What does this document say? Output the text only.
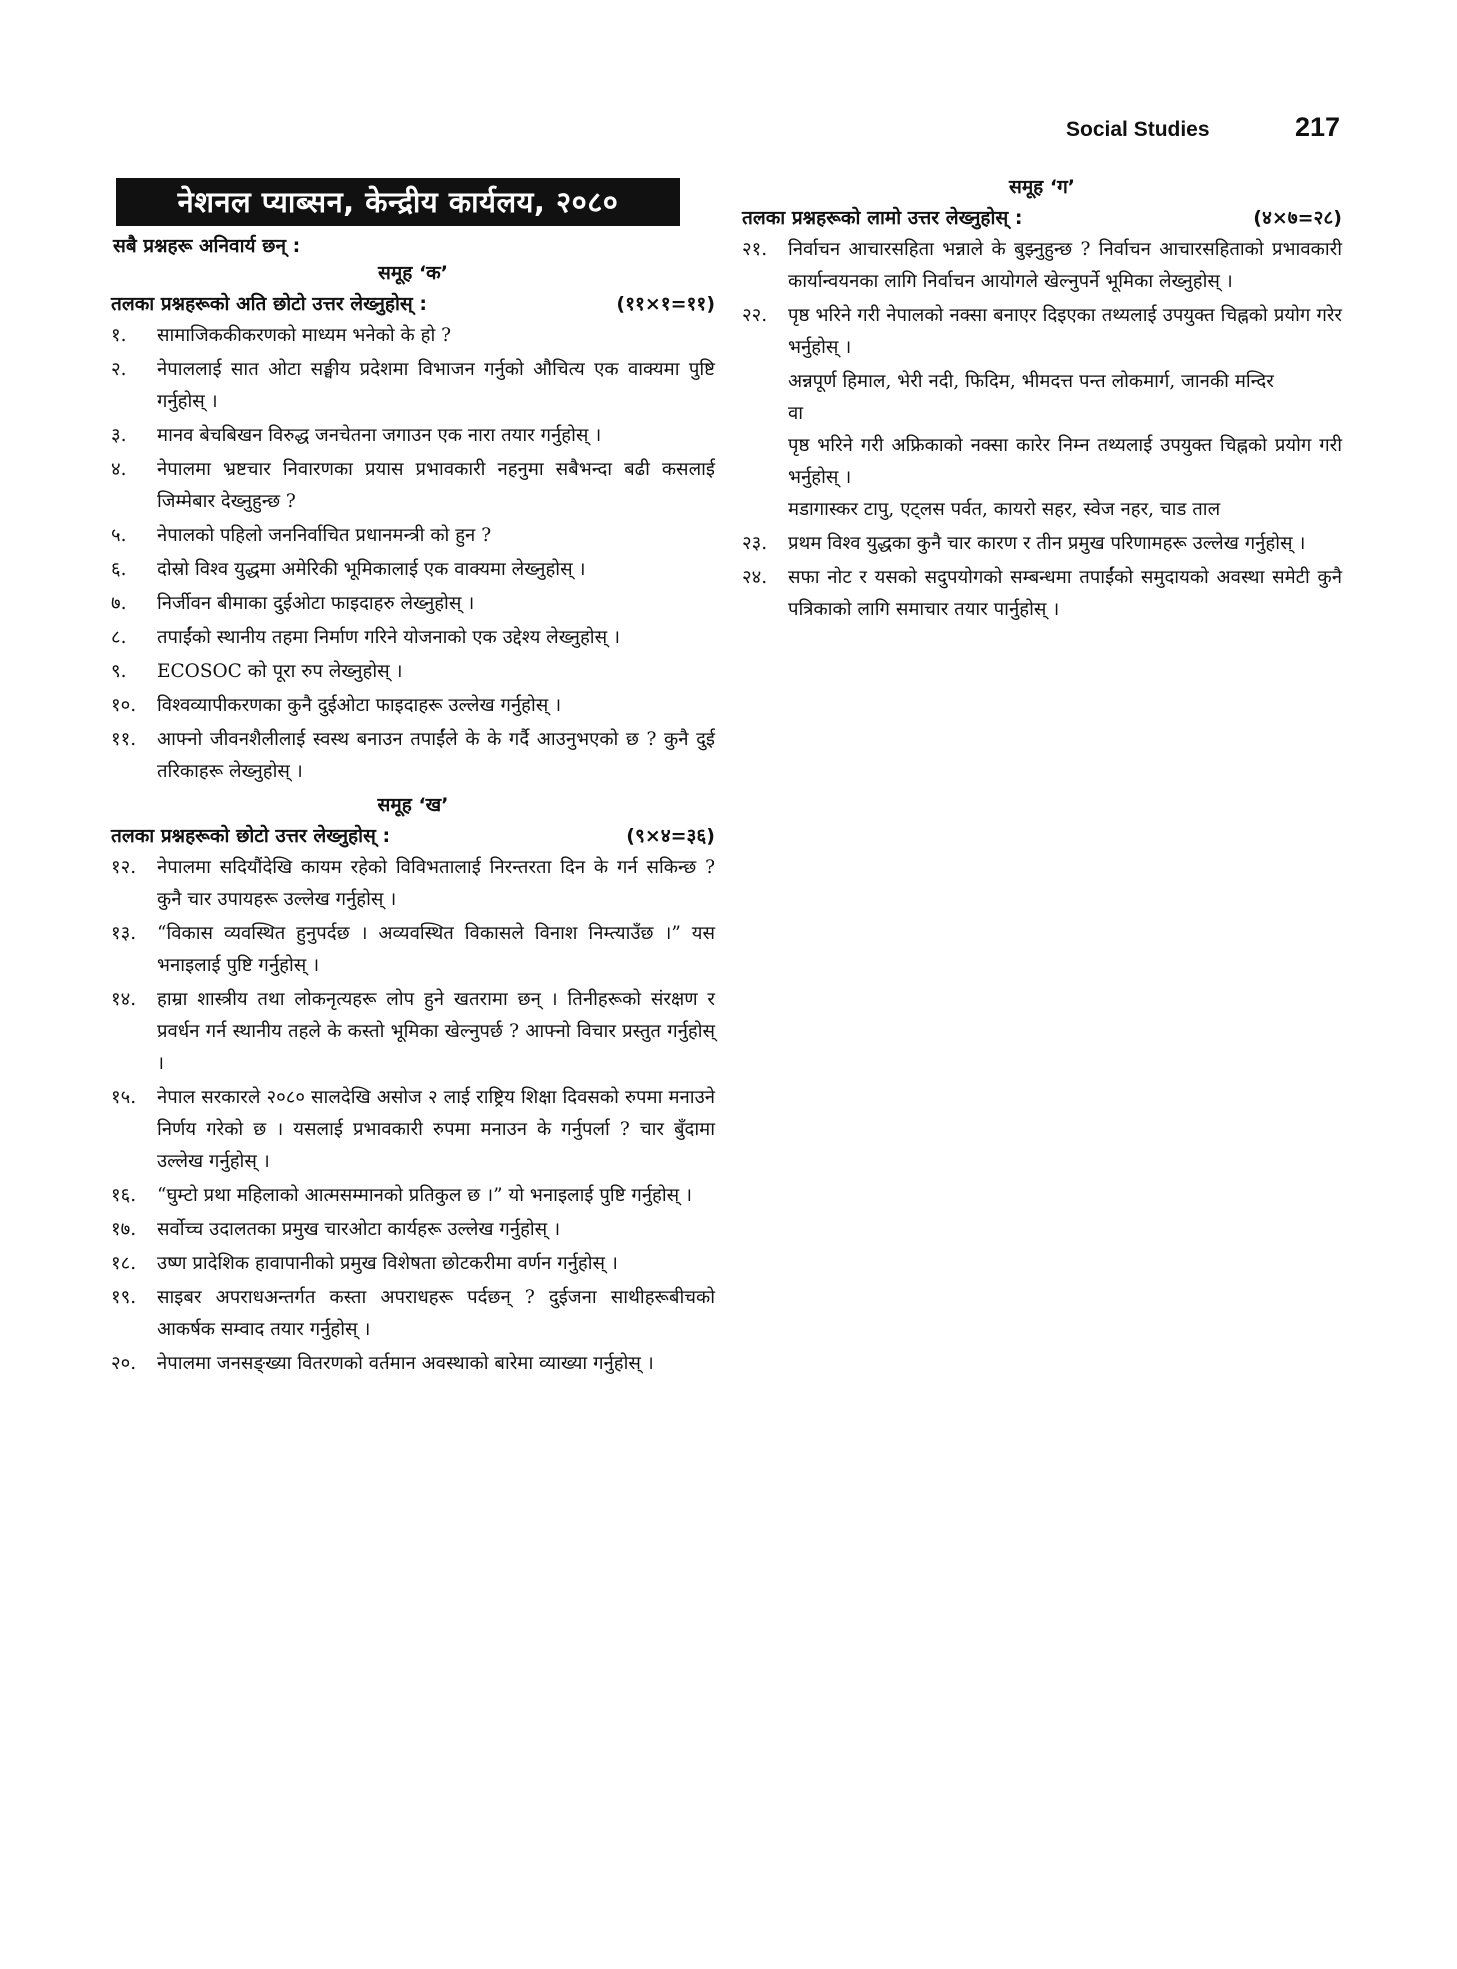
Social Studies	217
नेशनल प्याब्सन, केन्द्रीय कार्यलय, २०८०
सबै प्रश्नहरू अनिवार्य छन् :
समूह ‘क’
तलका प्रश्नहरूको अति छोटो उत्तर लेख्नुहोस् :	(११×१=११)
१.	सामाजिककीकरणको माध्यम भनेको के हो ?
२.	नेपाललाई सात ओटा सङ्घीय प्रदेशमा विभाजन गर्नुको औचित्य एक वाक्यमा पुष्टि गर्नुहोस् ।
३.	मानव बेचबिखन विरुद्ध जनचेतना जगाउन एक नारा तयार गर्नुहोस् ।
४.	नेपालमा भ्रष्टचार निवारणका प्रयास प्रभावकारी नहनुमा सबैभन्दा बढी कसलाई जिम्मेबार देख्नुहुन्छ ?
५.	नेपालको पहिलो जननिर्वाचित प्रधानमन्त्री को हुन ?
६.	दोस्रो विश्व युद्धमा अमेरिकी भूमिकालाई एक वाक्यमा लेख्नुहोस् ।
७.	निर्जीवन बीमाका दुईओटा फाइदाहरु लेख्नुहोस् ।
८.	तपाईंको स्थानीय तहमा निर्माण गरिने योजनाको एक उद्देश्य लेख्नुहोस् ।
९.	ECOSOC को पूरा रुप लेख्नुहोस् ।
१०.	विश्वव्यापीकरणका कुनै दुईओटा फाइदाहरू उल्लेख गर्नुहोस् ।
११.	आफ्नो जीवनशैलीलाई स्वस्थ बनाउन तपाईंले के के गर्दै आउनुभएको छ ? कुनै दुई तरिकाहरू लेख्नुहोस् ।
समूह ‘ख’
तलका प्रश्नहरूको छोटो उत्तर लेख्नुहोस् :	(९×४=३६)
१२.	नेपालमा सदियौंदेखि कायम रहेको विविभतालाई निरन्तरता दिन के गर्न सकिन्छ ? कुनै चार उपायहरू उल्लेख गर्नुहोस् ।
१३.	“विकास व्यवस्थित हुनुपर्दछ । अव्यवस्थित विकासले विनाश निम्त्याउँछ ।” यस भनाइलाई पुष्टि गर्नुहोस् ।
१४.	हाम्रा शास्त्रीय तथा लोकनृत्यहरू लोप हुने खतरामा छन् । तिनीहरूको संरक्षण र प्रवर्धन गर्न स्थानीय तहले के कस्तो भूमिका खेल्नुपर्छ ? आफ्नो विचार प्रस्तुत गर्नुहोस् ।
१५.	नेपाल सरकारले २०८० सालदेखि असोज २ लाई राष्ट्रिय शिक्षा दिवसको रुपमा मनाउने निर्णय गरेको छ । यसलाई प्रभावकारी रुपमा मनाउन के गर्नुपर्ला ? चार बुँदामा उल्लेख गर्नुहोस् ।
१६.	“घुम्टो प्रथा महिलाको आत्मसम्मानको प्रतिकुल छ ।” यो भनाइलाई पुष्टि गर्नुहोस् ।
१७.	सर्वोच्च उदालतका प्रमुख चारओटा कार्यहरू उल्लेख गर्नुहोस् ।
१८.	उष्ण प्रादेशिक हावापानीको प्रमुख विशेषता छोटकरीमा वर्णन गर्नुहोस् ।
१९.	साइबर अपराधअन्तर्गत कस्ता अपराधहरू पर्दछन् ? दुईजना साथीहरूबीचको आकर्षक सम्वाद तयार गर्नुहोस् ।
२०.	नेपालमा जनसङ्ख्या वितरणको वर्तमान अवस्थाको बारेमा व्याख्या गर्नुहोस् ।
समूह ‘ग’
तलका प्रश्नहरूको लामो उत्तर लेख्नुहोस् :	(४×७=२८)
२१.	निर्वाचन आचारसहिता भन्नाले के बुझ्नुहुन्छ ? निर्वाचन आचारसहिताको प्रभावकारी कार्यान्वयनका लागि निर्वाचन आयोगले खेल्नुपर्ने भूमिका लेख्नुहोस् ।
२२.	पृष्ठ भरिने गरी नेपालको नक्सा बनाएर दिइएका तथ्यलाई उपयुक्त चिह्नको प्रयोग गरेर भर्नुहोस् ।
अन्नपूर्ण हिमाल, भेरी नदी, फिदिम, भीमदत्त पन्त लोकमार्ग, जानकी मन्दिर
वा
पृष्ठ भरिने गरी अफ्रिकाको नक्सा कारेर निम्न तथ्यलाई उपयुक्त चिह्नको प्रयोग गरी भर्नुहोस् ।
मडागास्कर टापु, एट्लस पर्वत, कायरो सहर, स्वेज नहर, चाड ताल
२३.	प्रथम विश्व युद्धका कुनै चार कारण र तीन प्रमुख परिणामहरू उल्लेख गर्नुहोस् ।
२४.	सफा नोट र यसको सदुपयोगको सम्बन्धमा तपाईंको समुदायको अवस्था समेटी कुनै पत्रिकाको लागि समाचार तयार पार्नुहोस् ।
